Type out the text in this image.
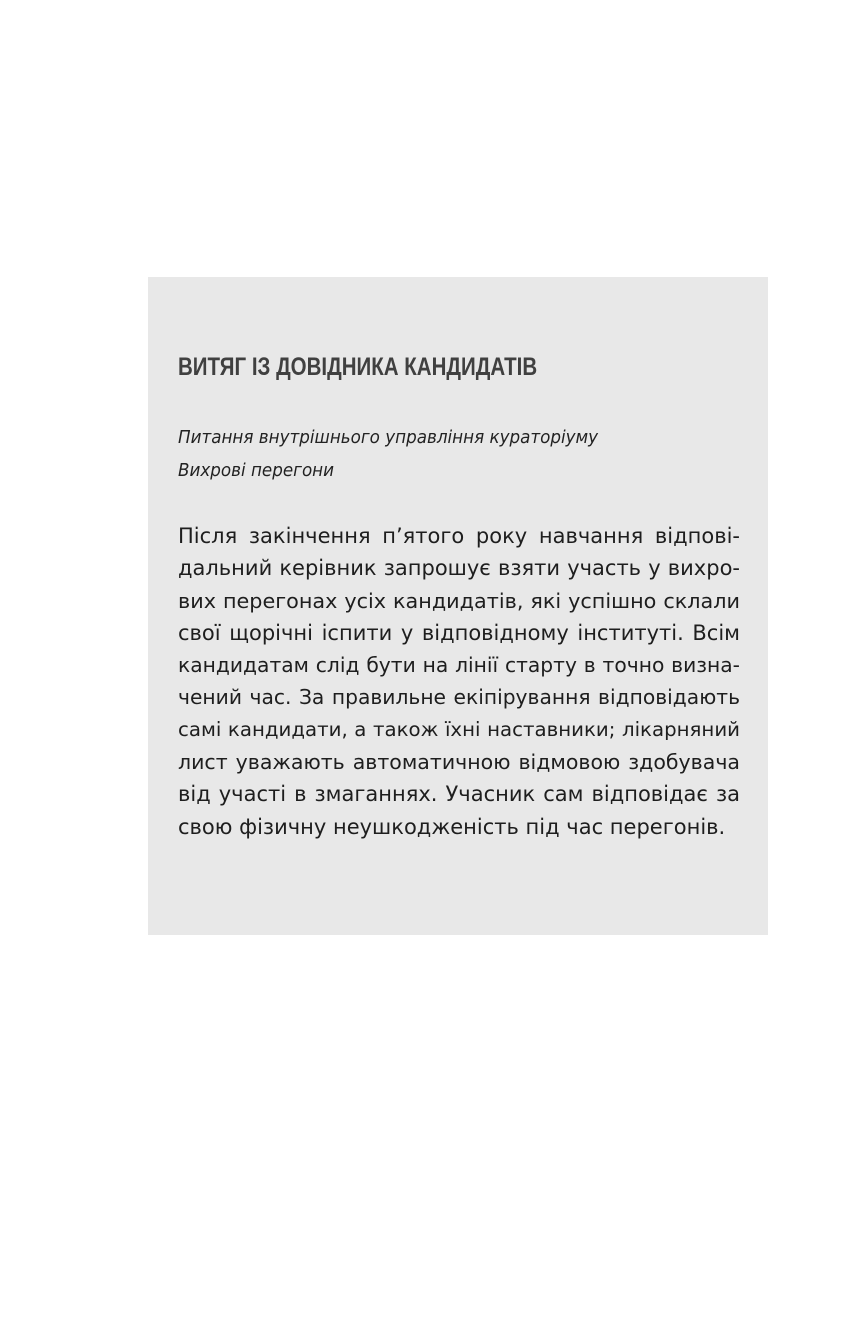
ВИТЯГ ІЗ ДОВІДНИКА КАНДИДАТІВ

Питання внутрішнього управління кураторіуму

Вихрові перегони

Після закінчення п’ятого року навчання відпові-
дальний керівник запрошує взяти участь у вихро-
вих перегонах усіх кандидатів, які успішно склали
свої щорічні іспити у відповідному інституті. Всім
кандидатам слід бути на лінії старту в точно визна-
чений час. За правильне екіпірування відповідають
самі кандидати, а також їхні наставники; лікарняний
лист уважають автоматичною відмовою здобувача
від участі в змаганнях. Учасник сам відповідає за
свою фізичну неушкодженість під час перегонів.
